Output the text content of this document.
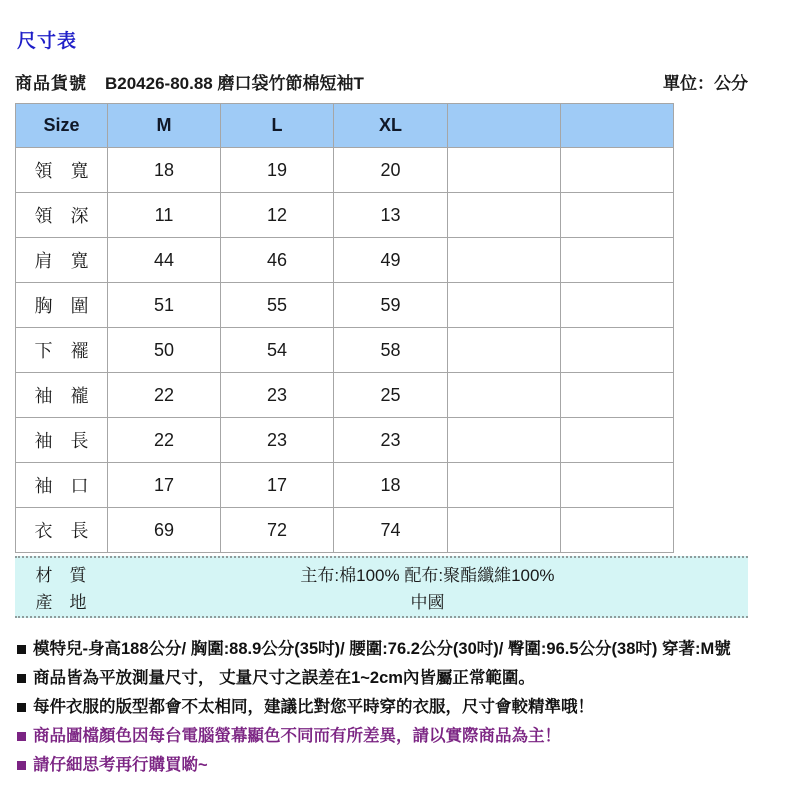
尺寸表
商品貨號 B20426-80.88 磨口袋竹節棉短袖T	單位：公分
Size	M	L	XL		
領　寬	18	19	20		
領　深	11	12	13		
肩　寬	44	46	49		
胸　圍	51	55	59		
下　襬	50	54	58		
袖　襱	22	23	25		
袖　長	22	23	23		
袖　口	17	17	18		
衣　長	69	72	74		
材　質	主布:棉100% 配布:聚酯纖維100%
產　地	中國
模特兒-身高188公分/ 胸圍:88.9公分(35吋)/ 腰圍:76.2公分(30吋)/ 臀圍:96.5公分(38吋) 穿著:M號
商品皆為平放測量尺寸， 丈量尺寸之誤差在1~2cm內皆屬正常範圍。
每件衣服的版型都會不太相同，建議比對您平時穿的衣服，尺寸會較精準哦！
商品圖檔顏色因每台電腦螢幕顯色不同而有所差異，請以實際商品為主！
請仔細思考再行購買喲~
